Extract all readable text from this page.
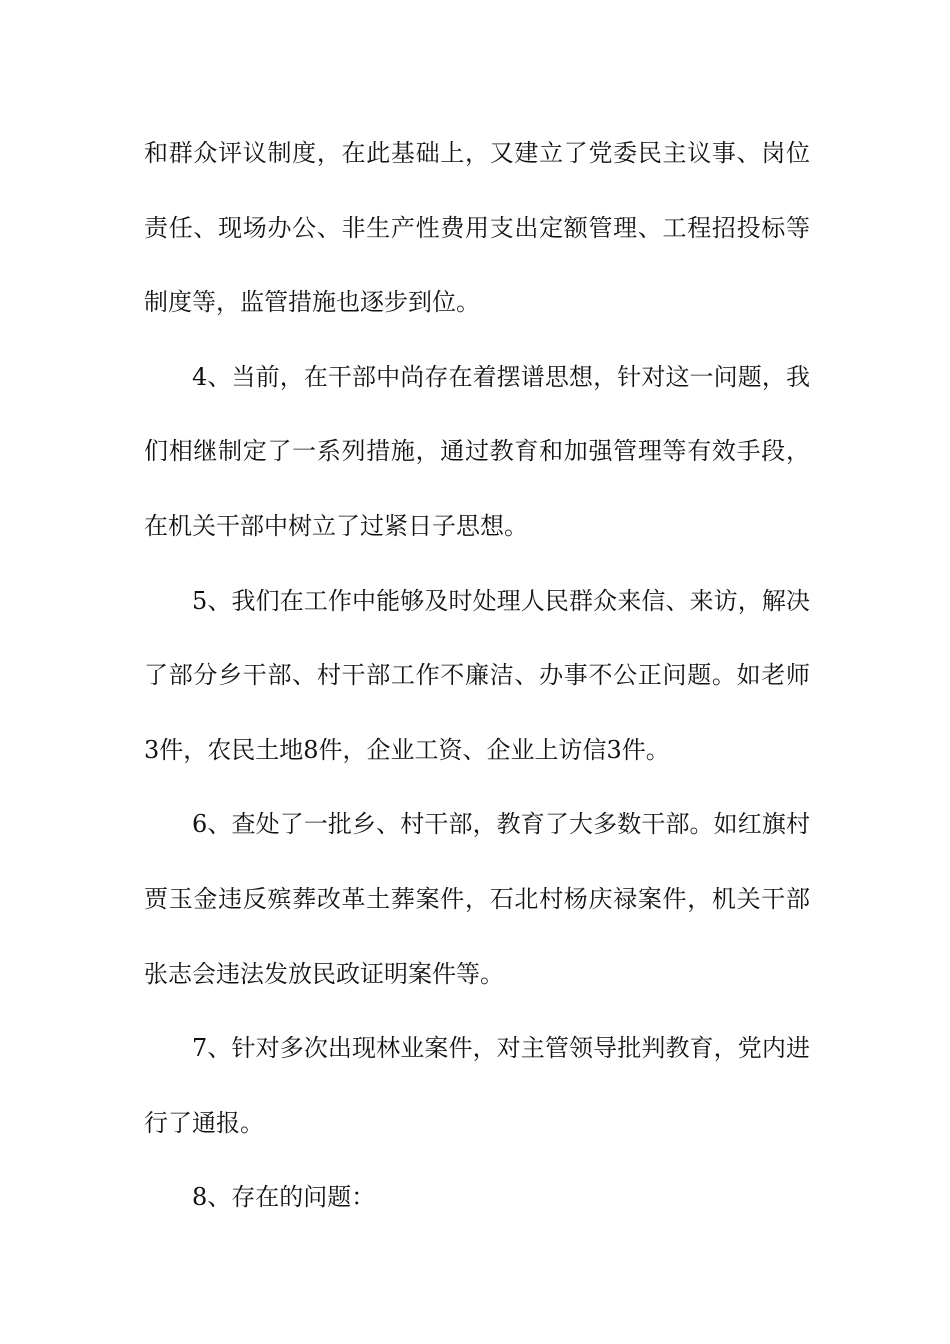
和群众评议制度，在此基础上，又建立了党委民主议事、岗位
责任、现场办公、非生产性费用支出定额管理、工程招投标等
制度等，监管措施也逐步到位。
4、当前，在干部中尚存在着摆谱思想，针对这一问题，我
们相继制定了一系列措施，通过教育和加强管理等有效手段，
在机关干部中树立了过紧日子思想。
5、我们在工作中能够及时处理人民群众来信、来访，解决
了部分乡干部、村干部工作不廉洁、办事不公正问题。如老师
3件，农民土地8件，企业工资、企业上访信3件。
6、查处了一批乡、村干部，教育了大多数干部。如红旗村
贾玉金违反殡葬改革土葬案件，石北村杨庆禄案件，机关干部
张志会违法发放民政证明案件等。
7、针对多次出现林业案件，对主管领导批判教育，党内进
行了通报。
8、存在的问题：
